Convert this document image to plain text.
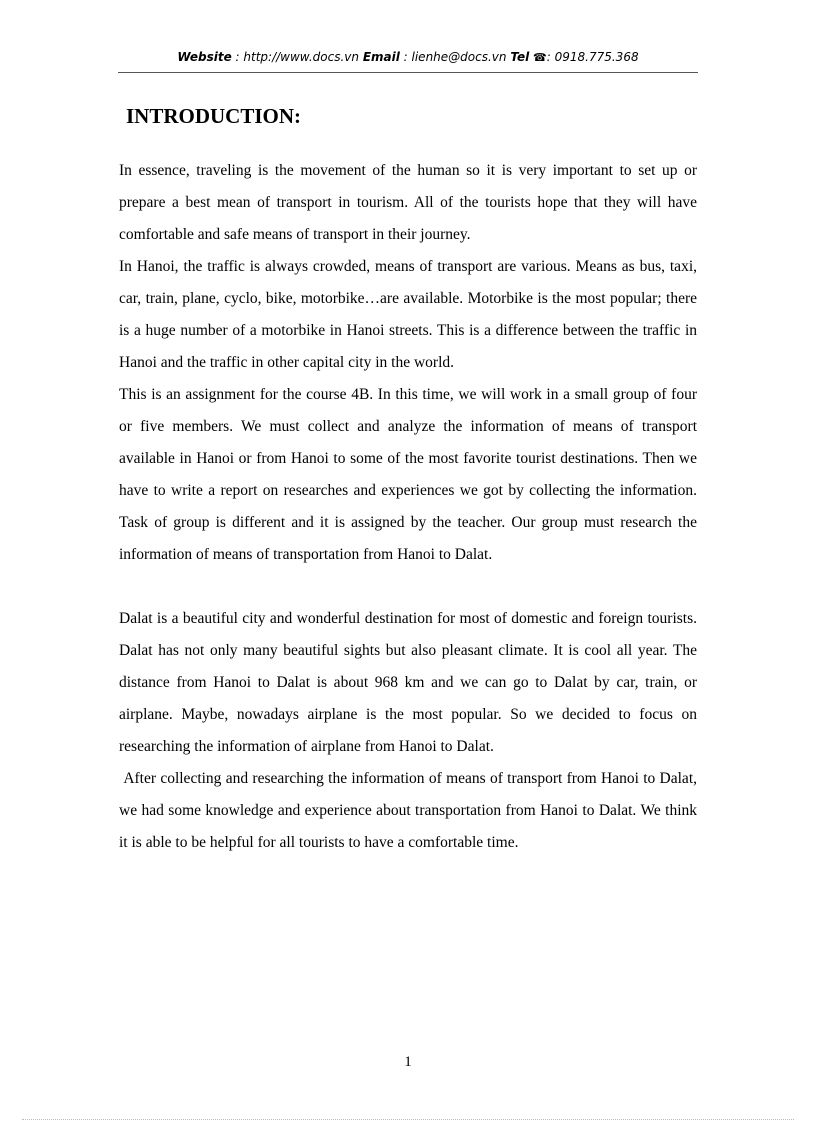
Website : http://www.docs.vn Email : lienhe@docs.vn Tel ☎: 0918.775.368
INTRODUCTION:

In essence, traveling is the movement of the human so it is very important to set up or prepare a best mean of transport in tourism. All of the tourists hope that they will have comfortable and safe means of transport in their journey.

In Hanoi, the traffic is always crowded, means of transport are various. Means as bus, taxi, car, train, plane, cyclo, bike, motorbike…are available. Motorbike is the most popular; there is a huge number of a motorbike in Hanoi streets. This is a difference between the traffic in Hanoi and the traffic in other capital city in the world.

This is an assignment for the course 4B. In this time, we will work in a small group of four or five members. We must collect and analyze the information of means of transport available in Hanoi or from Hanoi to some of the most favorite tourist destinations. Then we have to write a report on researches and experiences we got by collecting the information. Task of group is different and it is assigned by the teacher. Our group must research the information of means of transportation from Hanoi to Dalat.

Dalat is a beautiful city and wonderful destination for most of domestic and foreign tourists. Dalat has not only many beautiful sights but also pleasant climate. It is cool all year. The distance from Hanoi to Dalat is about 968 km and we can go to Dalat by car, train, or airplane. Maybe, nowadays airplane is the most popular. So we decided to focus on researching the information of airplane from Hanoi to Dalat.

After collecting and researching the information of means of transport from Hanoi to Dalat, we had some knowledge and experience about transportation from Hanoi to Dalat. We think it is able to be helpful for all tourists to have a comfortable time.

1
